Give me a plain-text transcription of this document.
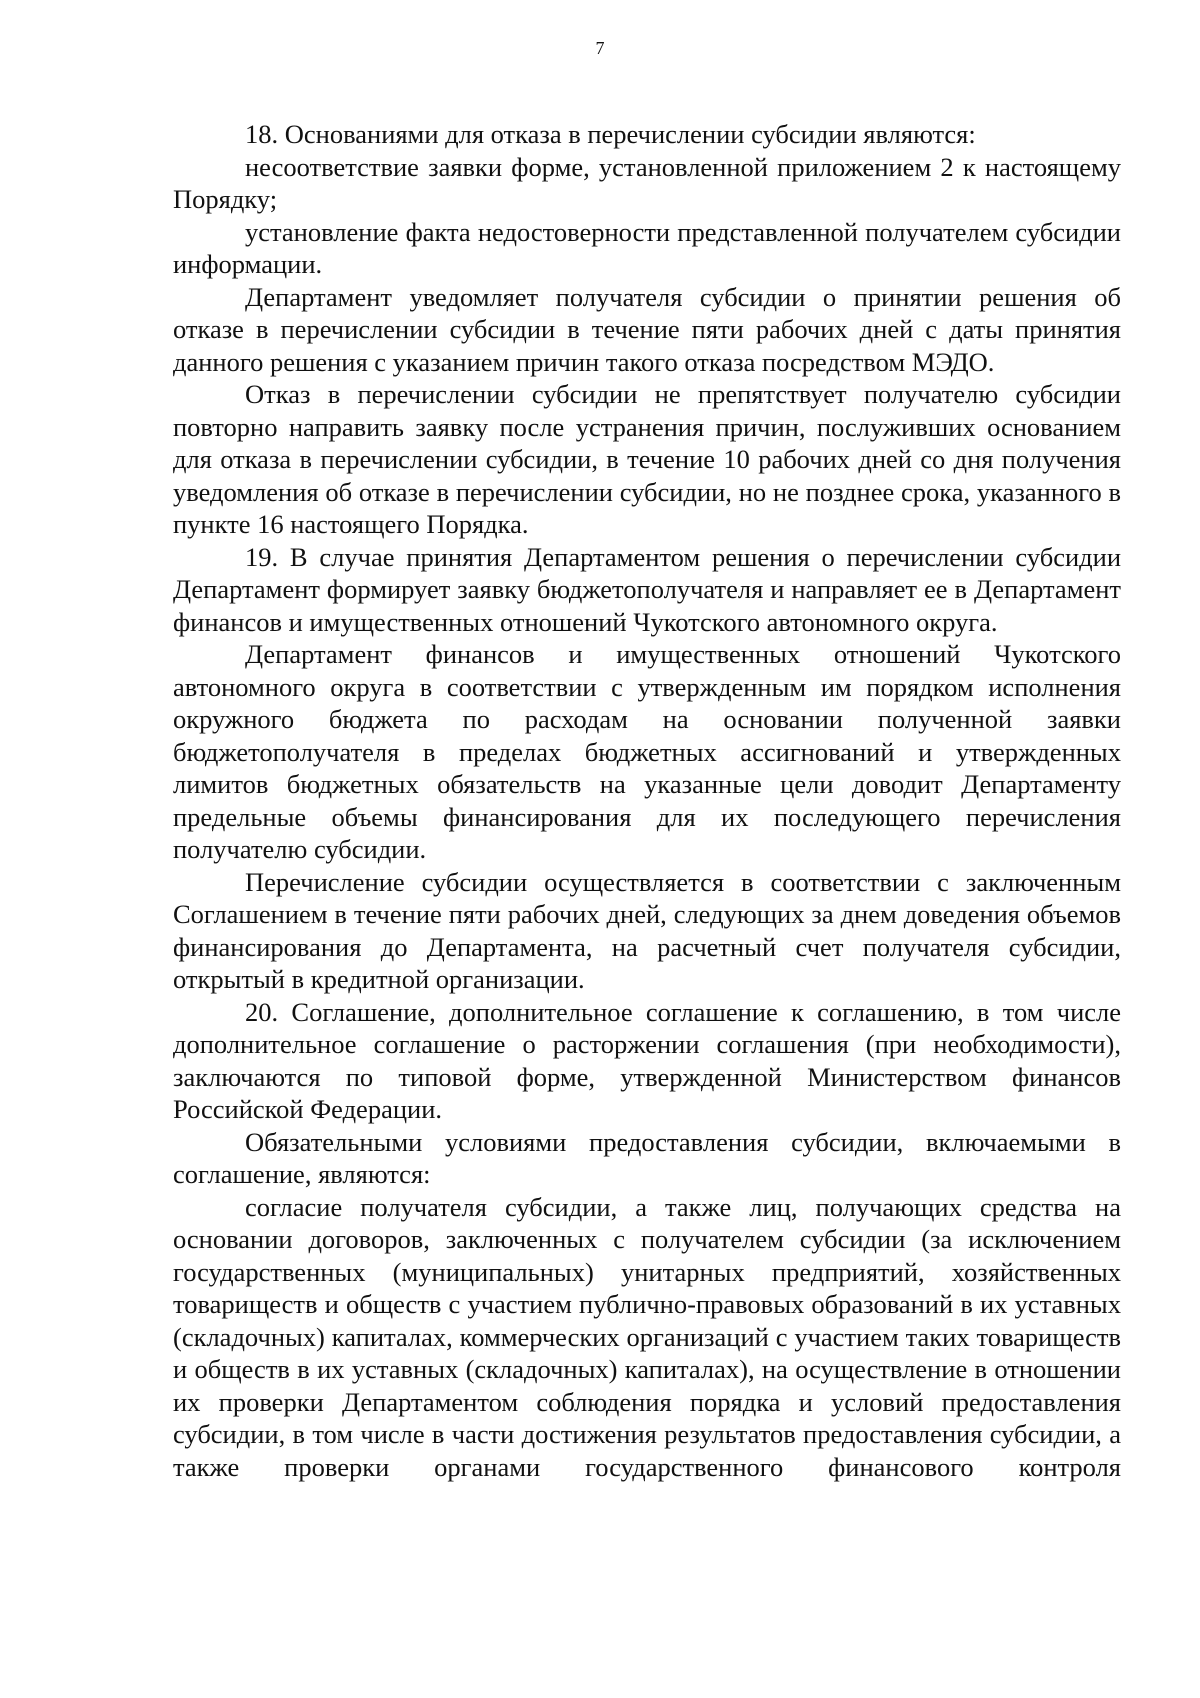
7

18. Основаниями для отказа в перечислении субсидии являются:

несоответствие заявки форме, установленной приложением 2 к настоящему Порядку;

установление факта недостоверности представленной получателем субсидии информации.

Департамент уведомляет получателя субсидии о принятии решения об отказе в перечислении субсидии в течение пяти рабочих дней с даты принятия данного решения с указанием причин такого отказа посредством МЭДО.

Отказ в перечислении субсидии не препятствует получателю субсидии повторно направить заявку после устранения причин, послуживших основанием для отказа в перечислении субсидии, в течение 10 рабочих дней со дня получения уведомления об отказе в перечислении субсидии, но не позднее срока, указанного в пункте 16 настоящего Порядка.

19. В случае принятия Департаментом решения о перечислении субсидии Департамент формирует заявку бюджетополучателя и направляет ее в Департамент финансов и имущественных отношений Чукотского автономного округа.

Департамент финансов и имущественных отношений Чукотского автономного округа в соответствии с утвержденным им порядком исполнения окружного бюджета по расходам на основании полученной заявки бюджетополучателя в пределах бюджетных ассигнований и утвержденных лимитов бюджетных обязательств на указанные цели доводит Департаменту предельные объемы финансирования для их последующего перечисления получателю субсидии.

Перечисление субсидии осуществляется в соответствии с заключенным Соглашением в течение пяти рабочих дней, следующих за днем доведения объемов финансирования до Департамента, на расчетный счет получателя субсидии, открытый в кредитной организации.

20. Соглашение, дополнительное соглашение к соглашению, в том числе дополнительное соглашение о расторжении соглашения (при необходимости), заключаются по типовой форме, утвержденной Министерством финансов Российской Федерации.

Обязательными условиями предоставления субсидии, включаемыми в соглашение, являются:

согласие получателя субсидии, а также лиц, получающих средства на основании договоров, заключенных с получателем субсидии (за исключением государственных (муниципальных) унитарных предприятий, хозяйственных товариществ и обществ с участием публично-правовых образований в их уставных (складочных) капиталах, коммерческих организаций с участием таких товариществ и обществ в их уставных (складочных) капиталах), на осуществление в отношении их проверки Департаментом соблюдения порядка и условий предоставления субсидии, в том числе в части достижения результатов предоставления субсидии, а также проверки органами государственного финансового контроля
